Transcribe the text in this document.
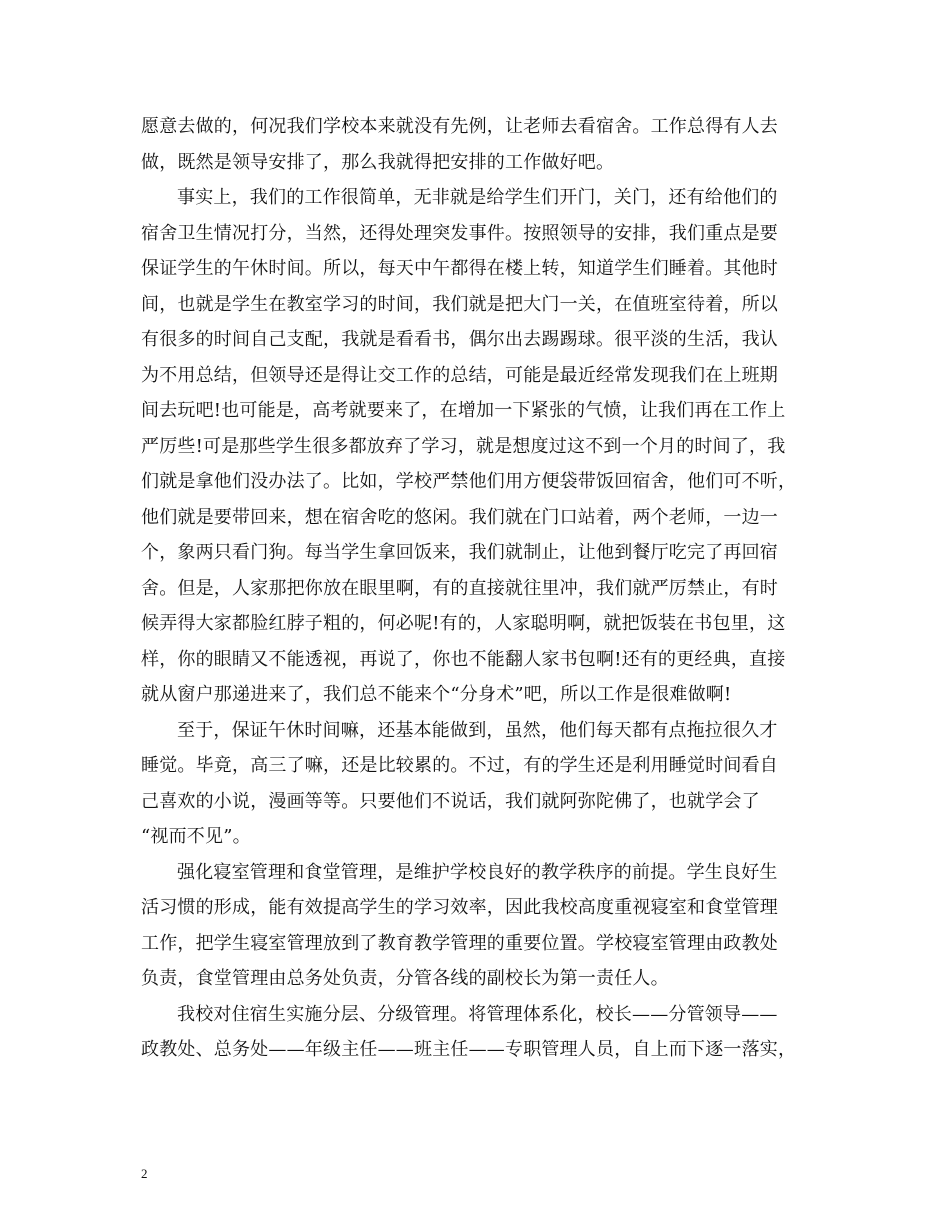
愿意去做的，何况我们学校本来就没有先例，让老师去看宿舍。工作总得有人去
做，既然是领导安排了，那么我就得把安排的工作做好吧。
事实上，我们的工作很简单，无非就是给学生们开门，关门，还有给他们的
宿舍卫生情况打分，当然，还得处理突发事件。按照领导的安排，我们重点是要
保证学生的午休时间。所以，每天中午都得在楼上转，知道学生们睡着。其他时
间，也就是学生在教室学习的时间，我们就是把大门一关，在值班室待着，所以
有很多的时间自己支配，我就是看看书，偶尔出去踢踢球。很平淡的生活，我认
为不用总结，但领导还是得让交工作的总结，可能是最近经常发现我们在上班期
间去玩吧!也可能是，高考就要来了，在增加一下紧张的气愤，让我们再在工作上
严厉些!可是那些学生很多都放弃了学习，就是想度过这不到一个月的时间了，我
们就是拿他们没办法了。比如，学校严禁他们用方便袋带饭回宿舍，他们可不听，
他们就是要带回来，想在宿舍吃的悠闲。我们就在门口站着，两个老师，一边一
个，象两只看门狗。每当学生拿回饭来，我们就制止，让他到餐厅吃完了再回宿
舍。但是，人家那把你放在眼里啊，有的直接就往里冲，我们就严厉禁止，有时
候弄得大家都脸红脖子粗的，何必呢!有的，人家聪明啊，就把饭装在书包里，这
样，你的眼睛又不能透视，再说了，你也不能翻人家书包啊!还有的更经典，直接
就从窗户那递进来了，我们总不能来个“分身术”吧，所以工作是很难做啊!
至于，保证午休时间嘛，还基本能做到，虽然，他们每天都有点拖拉很久才
睡觉。毕竟，高三了嘛，还是比较累的。不过，有的学生还是利用睡觉时间看自
己喜欢的小说，漫画等等。只要他们不说话，我们就阿弥陀佛了，也就学会了
“视而不见”。
强化寝室管理和食堂管理，是维护学校良好的教学秩序的前提。学生良好生
活习惯的形成，能有效提高学生的学习效率，因此我校高度重视寝室和食堂管理
工作，把学生寝室管理放到了教育教学管理的重要位置。学校寝室管理由政教处
负责，食堂管理由总务处负责，分管各线的副校长为第一责任人。
我校对住宿生实施分层、分级管理。将管理体系化，校长——分管领导——
政教处、总务处——年级主任——班主任——专职管理人员，自上而下逐一落实，
2
